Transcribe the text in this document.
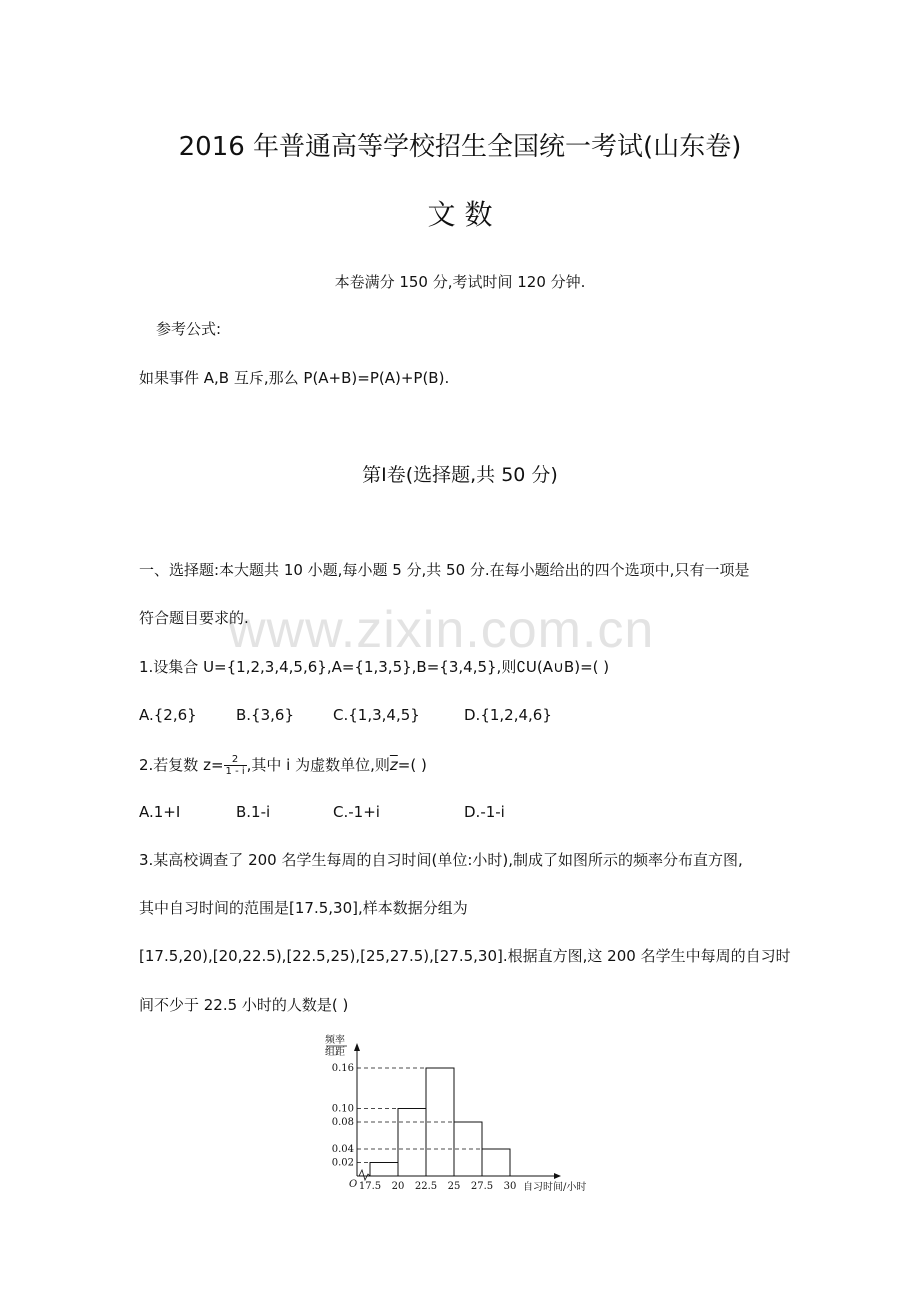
2016 年普通高等学校招生全国统一考试(山东卷)
文 数
本卷满分 150 分,考试时间 120 分钟.
参考公式:
如果事件 A,B 互斥,那么 P(A+B)=P(A)+P(B).
第Ⅰ卷(选择题,共 50 分)
一、选择题:本大题共 10 小题,每小题 5 分,共 50 分.在每小题给出的四个选项中,只有一项是
www.zixin.com.cn
符合题目要求的.
1.设集合 U={1,2,3,4,5,6},A={1,3,5},B={3,4,5},则∁U(A∪B)=( )
A.{2,6}	B.{3,6}	C.{1,3,4,5}	D.{1,2,4,6}
2.若复数 $z= \frac{2}{1 - i}$ ,其中 i 为虚数单位,则$\overline{z}=$( )
A.1+I	B.1-i	C.-1+i	D.-1-i
3.某高校调查了 200 名学生每周的自习时间(单位:小时),制成了如图所示的频率分布直方图,
其中自习时间的范围是[17.5,30],样本数据分组为
[17.5,20),[20,22.5),[22.5,25),[25,27.5),[27.5,30].根据直方图,这 200 名学生中每周的自习时
间不少于 22.5 小时的人数是( )
频率
组距
0.16
0.10
0.08
0.04
0.02
17.5 20 22.5 25 27.5 30
O	自习时间/小时
